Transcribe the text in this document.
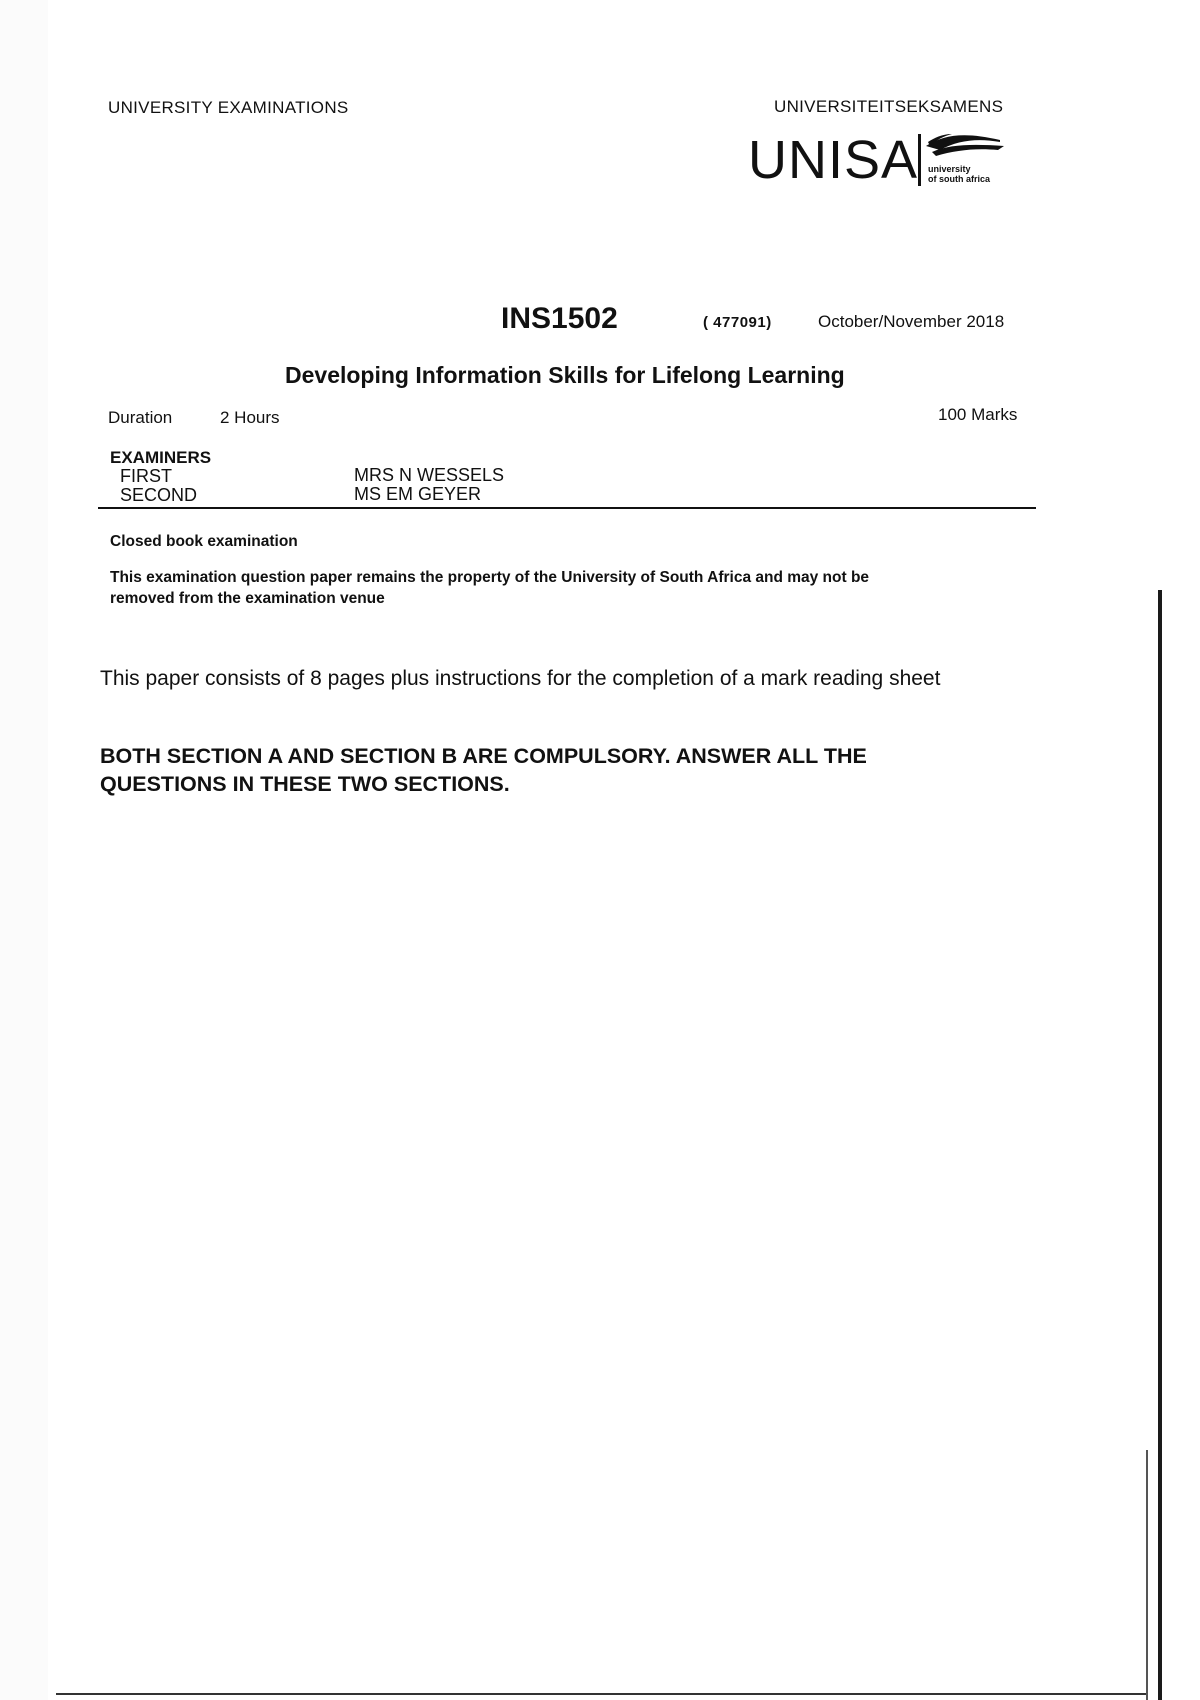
UNIVERSITY EXAMINATIONS	UNIVERSITEITSEKSAMENS
UNISA university
of south africa
INS1502	( 477091)	October/November 2018
Developing Information Skills for Lifelong Learning
Duration	2 Hours	100 Marks
EXAMINERS
FIRST	MRS N WESSELS
SECOND	MS EM GEYER
Closed book examination
This examination question paper remains the property of the University of South Africa and may not be
removed from the examination venue
This paper consists of 8 pages plus instructions for the completion of a mark reading sheet
BOTH SECTION A AND SECTION B ARE COMPULSORY. ANSWER ALL THE
QUESTIONS IN THESE TWO SECTIONS.
